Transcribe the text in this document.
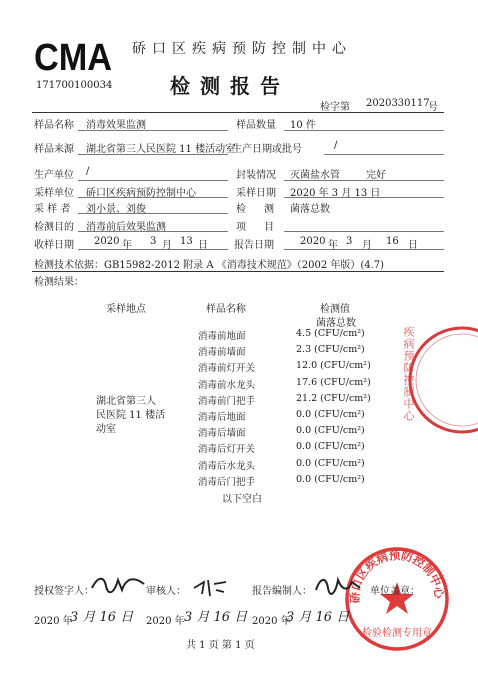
CMA
171700100034
硚口区疾病预防控制中心
检测报告
检字第 2020330117
号
样品名称 消毒效果监测	样品数量 10 件
样品来源 湖北省第三人民医院 11 楼活动室
生产日期或批号	/
生产单位 /	封装情况 灭菌盐水管	完好
采样单位 硚口区疾病预防控制中心	采样日期 2020 年 3 月 13 日
采 样 者 刘小景、刘俊	检 测 菌落总数
检测目的 消毒前后效果监测	项 目
收样日期 2020 年 3 月 13 日	报告日期	2020 年 3 月 16 日
检测技术依据： GB15982-2012 附录 A 《消毒技术规范》（2002 年版）(4.7)
检测结果：
采样地点	样品名称	检测值
菌落总数
湖北省第三人
民医院 11 楼活
动室
消毒前地面	4.5 (CFU/cm²)
消毒前墙面	2.3 (CFU/cm²)
消毒前灯开关	12.0 (CFU/cm²)
消毒前水龙头	17.6 (CFU/cm²)
消毒前门把手	21.2 (CFU/cm²)
消毒后地面	0.0 (CFU/cm²)
消毒后墙面	0.0 (CFU/cm²)
消毒后灯开关	0.0 (CFU/cm²)
消毒后水龙头	0.0 (CFU/cm²)
消毒后门把手	0.0 (CFU/cm²)
以下空白
疾病预防控制中心
硚口区疾病预防控制中心
检验检测专用章
授权签字人：	审核人：	报告编制人：	单位盖章：
2020 年
3 月 16 日 2020 年 3 月 16 日 2020 年
3 月 16 日
共 1 页 第 1 页
